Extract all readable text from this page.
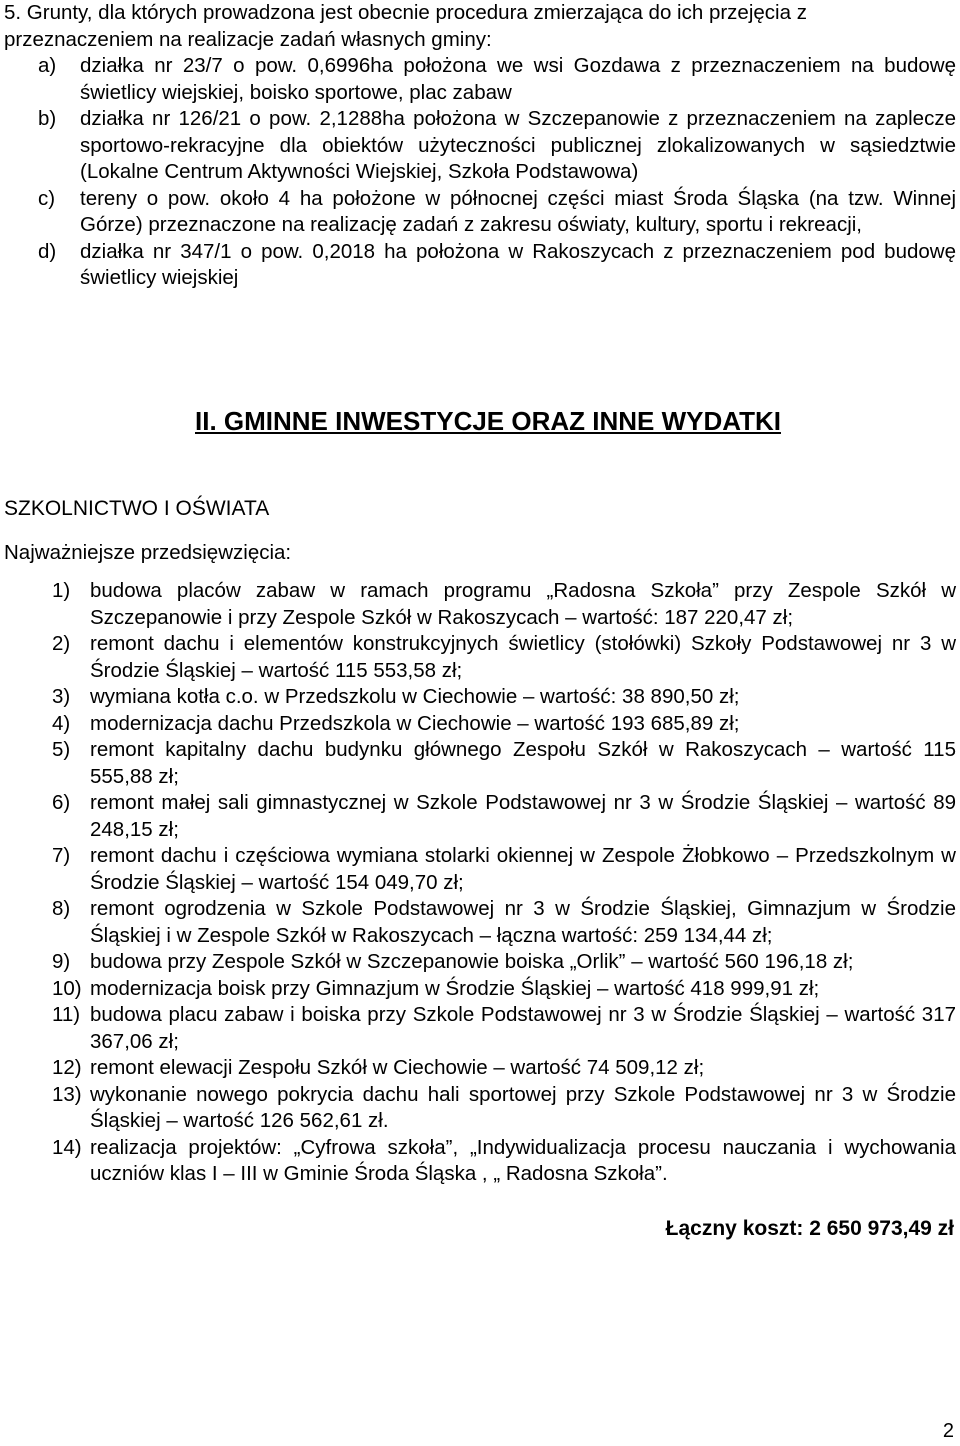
5. Grunty, dla których prowadzona jest obecnie procedura zmierzająca do ich przejęcia z przeznaczeniem na realizacje zadań własnych gminy:

a)	działka nr 23/7 o pow. 0,6996ha położona we wsi Gozdawa z przeznaczeniem na budowę świetlicy wiejskiej, boisko sportowe, plac zabaw
b)	działka nr 126/21 o pow. 2,1288ha położona w Szczepanowie z przeznaczeniem na zaplecze sportowo-rekracyjne dla obiektów użyteczności publicznej zlokalizowanych w sąsiedztwie (Lokalne Centrum Aktywności Wiejskiej, Szkoła Podstawowa)
c)	tereny o pow. około 4 ha położone w północnej części miast Środa Śląska (na tzw. Winnej Górze) przeznaczone na realizację zadań z zakresu oświaty, kultury, sportu i rekreacji,
d)	działka nr 347/1 o pow. 0,2018 ha położona w Rakoszycach z przeznaczeniem pod budowę świetlicy wiejskiej
II. GMINNE INWESTYCJE ORAZ INNE WYDATKI
SZKOLNICTWO I OŚWIATA
Najważniejsze przedsięwzięcia:
1) budowa placów zabaw w ramach programu „Radosna Szkoła” przy Zespole Szkół w Szczepanowie i przy Zespole Szkół w Rakoszycach – wartość: 187 220,47 zł;
2) remont dachu i elementów konstrukcyjnych świetlicy (stołówki) Szkoły Podstawowej nr 3 w Środzie Śląskiej – wartość 115 553,58 zł;
3) wymiana kotła c.o. w Przedszkolu w Ciechowie – wartość: 38 890,50 zł;
4) modernizacja dachu Przedszkola w Ciechowie – wartość 193 685,89 zł;
5) remont kapitalny dachu budynku głównego Zespołu Szkół w Rakoszycach – wartość 115 555,88 zł;
6) remont małej sali gimnastycznej w Szkole Podstawowej nr 3 w Środzie Śląskiej – wartość 89 248,15 zł;
7) remont dachu i częściowa wymiana stolarki okiennej w Zespole Żłobkowo – Przedszkolnym w Środzie Śląskiej – wartość 154 049,70 zł;
8) remont ogrodzenia w Szkole Podstawowej nr 3 w Środzie Śląskiej, Gimnazjum w Środzie Śląskiej i w Zespole Szkół w Rakoszycach – łączna wartość: 259 134,44 zł;
9) budowa przy Zespole Szkół w Szczepanowie boiska „Orlik” – wartość 560 196,18 zł;
10) modernizacja boisk przy Gimnazjum w Środzie Śląskiej – wartość 418 999,91 zł;
11) budowa placu zabaw i boiska przy Szkole Podstawowej nr 3 w Środzie Śląskiej – wartość 317 367,06 zł;
12) remont elewacji Zespołu Szkół w Ciechowie – wartość 74 509,12 zł;
13) wykonanie nowego pokrycia dachu hali sportowej przy Szkole Podstawowej nr 3 w Środzie Śląskiej – wartość 126 562,61 zł.
14) realizacja projektów: „Cyfrowa szkoła”, „Indywidualizacja procesu nauczania i wychowania uczniów klas I – III w Gminie Środa Śląska , „ Radosna Szkoła”.
Łączny koszt: 2 650 973,49 zł
2
